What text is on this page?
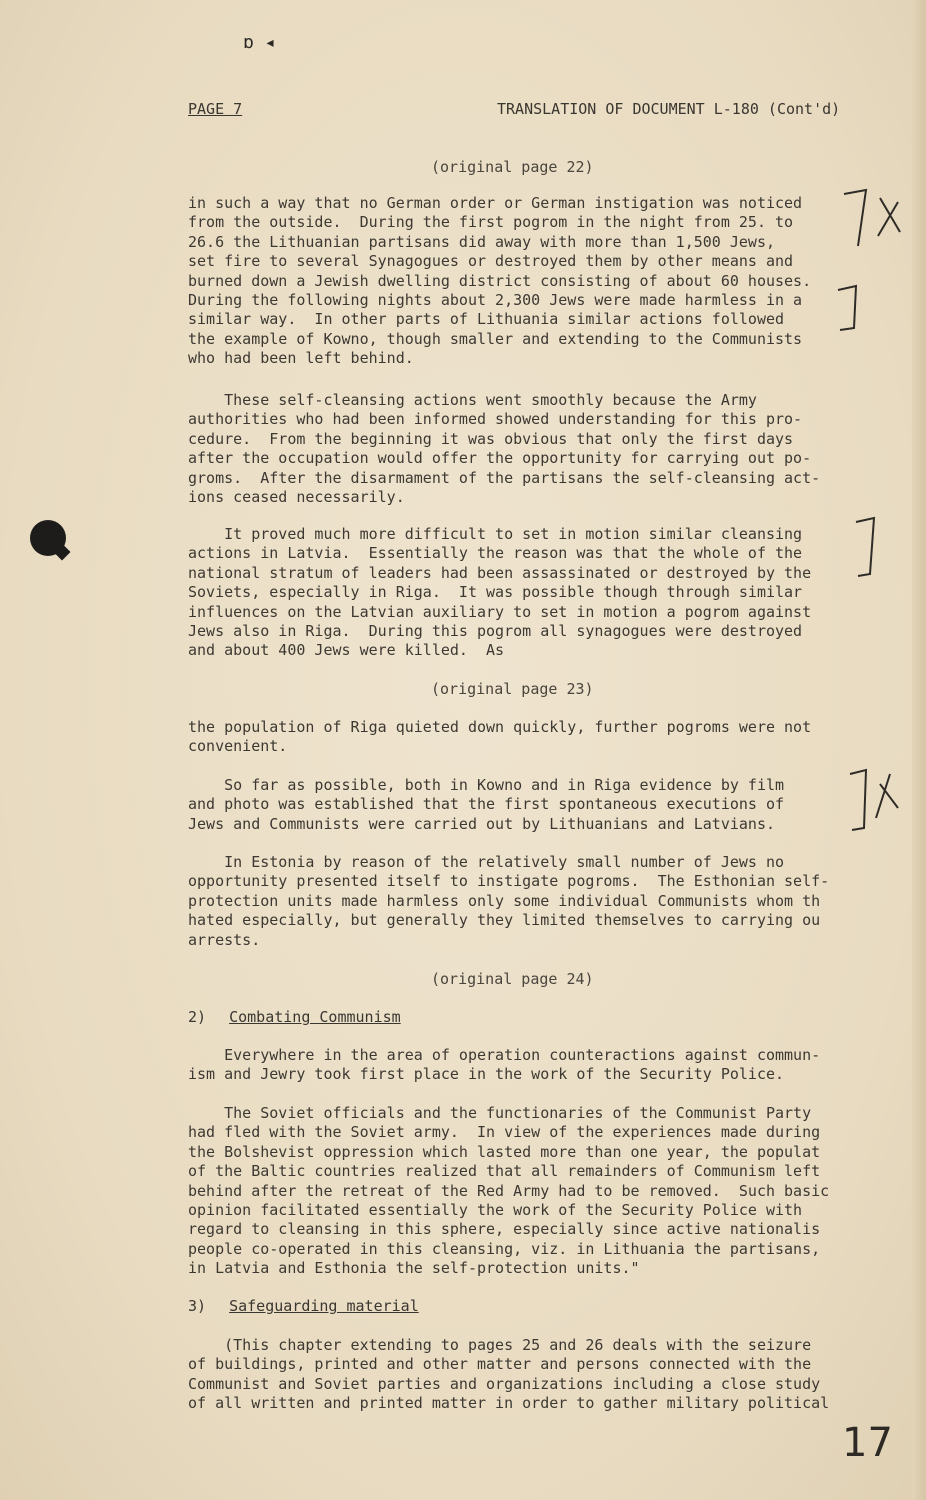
ɒ ◂
PAGE 7	TRANSLATION OF DOCUMENT L-180 (Cont'd)
(original page 22)
in such a way that no German order or German instigation was noticed
from the outside.  During the first pogrom in the night from 25. to
26.6 the Lithuanian partisans did away with more than 1,500 Jews,
set fire to several Synagogues or destroyed them by other means and
burned down a Jewish dwelling district consisting of about 60 houses.
During the following nights about 2,300 Jews were made harmless in a
similar way.  In other parts of Lithuania similar actions followed
the example of Kowno, though smaller and extending to the Communists
who had been left behind.
These self-cleansing actions went smoothly because the Army
authorities who had been informed showed understanding for this pro-
cedure.  From the beginning it was obvious that only the first days
after the occupation would offer the opportunity for carrying out po-
groms.  After the disarmament of the partisans the self-cleansing act-
ions ceased necessarily.
It proved much more difficult to set in motion similar cleansing
actions in Latvia.  Essentially the reason was that the whole of the
national stratum of leaders had been assassinated or destroyed by the
Soviets, especially in Riga.  It was possible though through similar
influences on the Latvian auxiliary to set in motion a pogrom against
Jews also in Riga.  During this pogrom all synagogues were destroyed
and about 400 Jews were killed.  As
(original page 23)
the population of Riga quieted down quickly, further pogroms were not
convenient.
So far as possible, both in Kowno and in Riga evidence by film
and photo was established that the first spontaneous executions of
Jews and Communists were carried out by Lithuanians and Latvians.
In Estonia by reason of the relatively small number of Jews no
opportunity presented itself to instigate pogroms.  The Esthonian self-
protection units made harmless only some individual Communists whom th
hated especially, but generally they limited themselves to carrying ou
arrests.
(original page 24)
2) Combating Communism
Everywhere in the area of operation counteractions against commun-
ism and Jewry took first place in the work of the Security Police.
The Soviet officials and the functionaries of the Communist Party
had fled with the Soviet army.  In view of the experiences made during
the Bolshevist oppression which lasted more than one year, the populat
of the Baltic countries realized that all remainders of Communism left
behind after the retreat of the Red Army had to be removed.  Such basic
opinion facilitated essentially the work of the Security Police with
regard to cleansing in this sphere, especially since active nationalis
people co-operated in this cleansing, viz. in Lithuania the partisans,
in Latvia and Esthonia the self-protection units."
3) Safeguarding material
(This chapter extending to pages 25 and 26 deals with the seizure
of buildings, printed and other matter and persons connected with the
Communist and Soviet parties and organizations including a close study
of all written and printed matter in order to gather military political
17
